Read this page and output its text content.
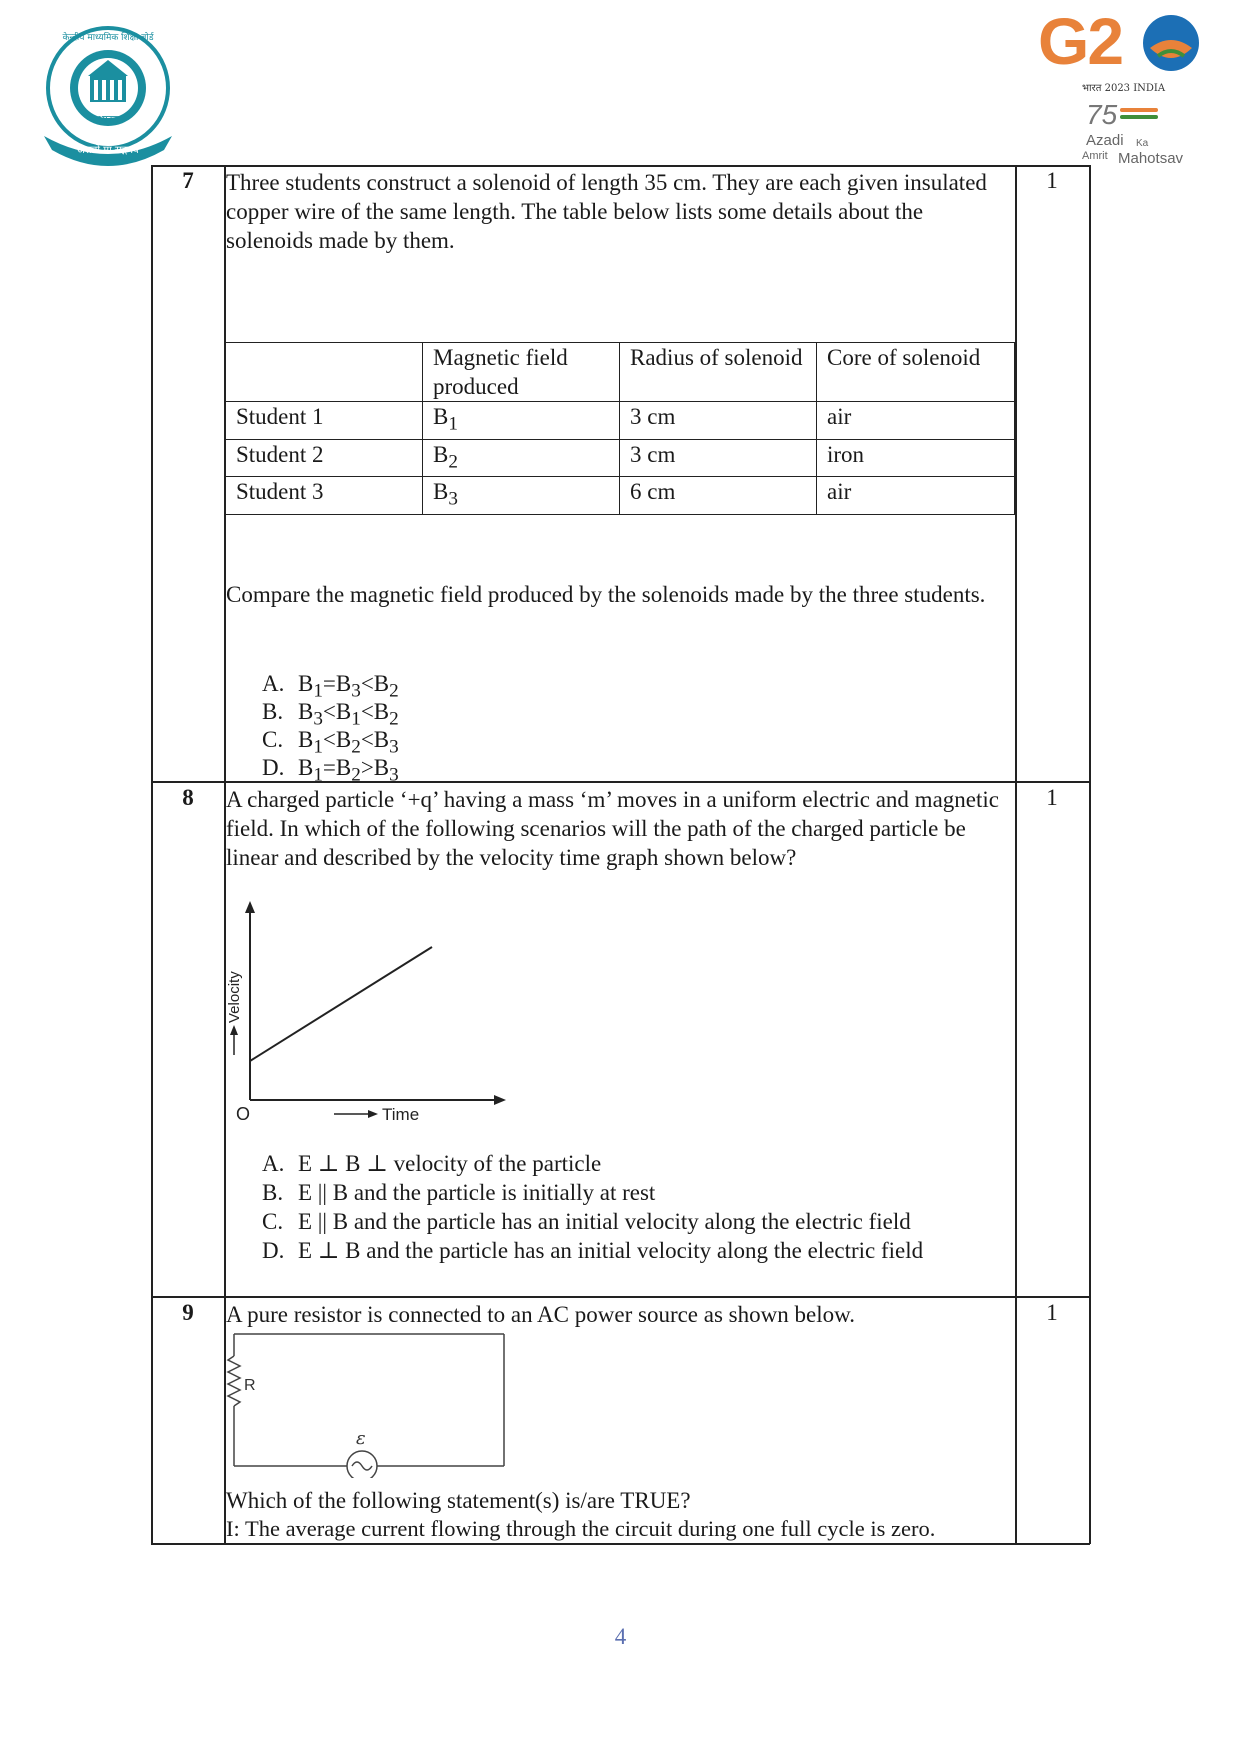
केन्द्रीय माध्यमिक शिक्षा बोर्ड
भारत
असतो मा सद्गमय
G2
भारत 2023 INDIA
75
Azadi Ka
Amrit Mahotsav
7	1
Three students construct a solenoid of length 35 cm. They are each given insulated copper wire of the same length. The table below lists some details about the solenoids made by them.
	Magnetic field produced	Radius of solenoid	Core of solenoid
Student 1	$B_1$	3 cm	air
Student 2	$B_2$	3 cm	iron
Student 3	$B_3$	6 cm	air
Compare the magnetic field produced by the solenoids made by the three students.
A. $B_1=B_3<B_2$
B. $B_3<B_1<B_2$
C. $B_1<B_2<B_3$
D. $B_1=B_2>B_3$
8	1
A charged particle ‘+q’ having a mass ‘m’ moves in a uniform electric and magnetic field. In which of the following scenarios will the path of the charged particle be linear and described by the velocity time graph shown below?
Velocity
Time
O
A. E ⊥ B ⊥ velocity of the particle
B. E || B and the particle is initially at rest
C. E || B and the particle has an initial velocity along the electric field
D. E ⊥ B and the particle has an initial velocity along the electric field
9	1
A pure resistor is connected to an AC power source as shown below.
R
ε
Which of the following statement(s) is/are TRUE?
I: The average current flowing through the circuit during one full cycle is zero.
4
